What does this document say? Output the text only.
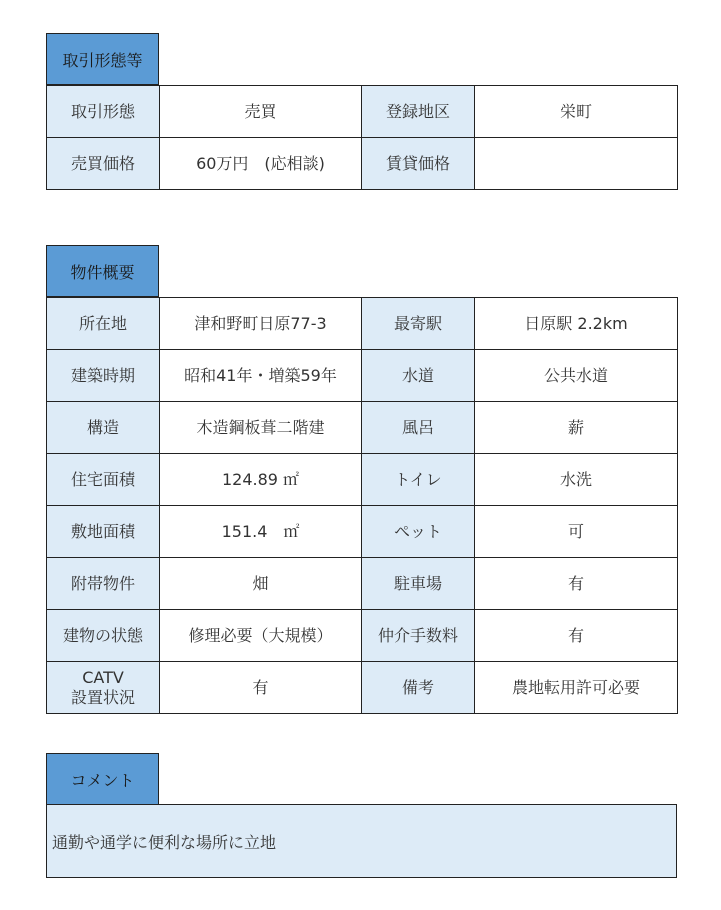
取引形態等
取引形態	売買	登録地区	栄町
売買価格	60万円　(応相談)	賃貸価格	
物件概要
所在地	津和野町日原77-3	最寄駅	日原駅 2.2km
建築時期	昭和41年・増築59年	水道	公共水道
構造	木造鋼板葺二階建	風呂	薪
住宅面積	124.89 ㎡	トイレ	水洗
敷地面積	151.4　㎡	ペット	可
附帯物件	畑	駐車場	有
建物の状態	修理必要（大規模）	仲介手数料	有
CATV
設置状況	有	備考	農地転用許可必要
コメント
通勤や通学に便利な場所に立地
